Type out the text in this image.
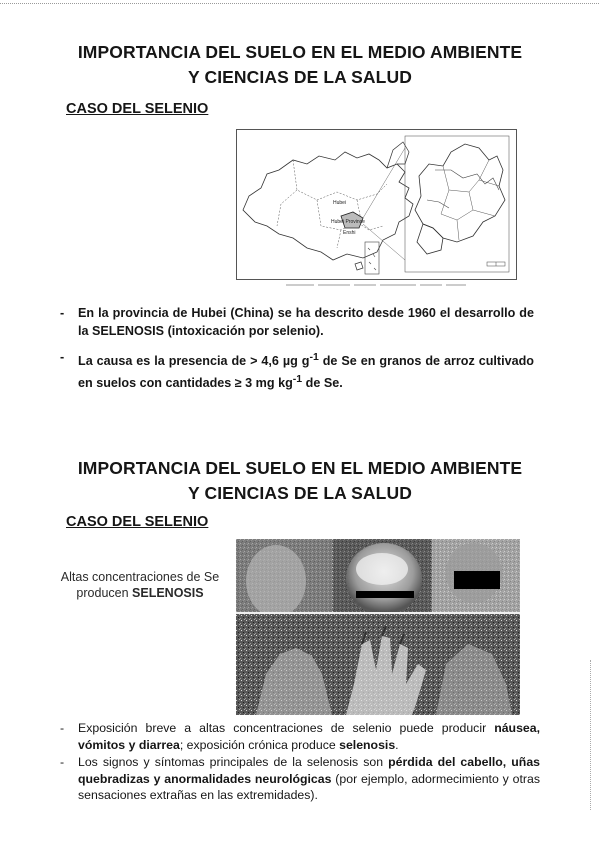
IMPORTANCIA DEL SUELO EN EL MEDIO AMBIENTE
Y CIENCIAS DE LA SALUD
CASO DEL SELENIO
Hubei
Hubei Province
Enshi
- En la provincia de Hubei (China) se ha descrito desde 1960 el desarrollo de la SELENOSIS (intoxicación por selenio).
- La causa es la presencia de > 4,6 µg $g^{-1}$ de Se en granos de arroz cultivado en suelos con cantidades ≥ 3 mg $kg^{-1}$ de Se.
IMPORTANCIA DEL SUELO EN EL MEDIO AMBIENTE
Y CIENCIAS DE LA SALUD
CASO DEL SELENIO
Altas concentraciones de Se
producen SELENOSIS
- Exposición breve a altas concentraciones de selenio puede producir náusea, vómitos y diarrea; exposición crónica produce selenosis.
- Los signos y síntomas principales de la selenosis son pérdida del cabello, uñas quebradizas y anormalidades neurológicas (por ejemplo, adormecimiento y otras sensaciones extrañas en las extremidades).
